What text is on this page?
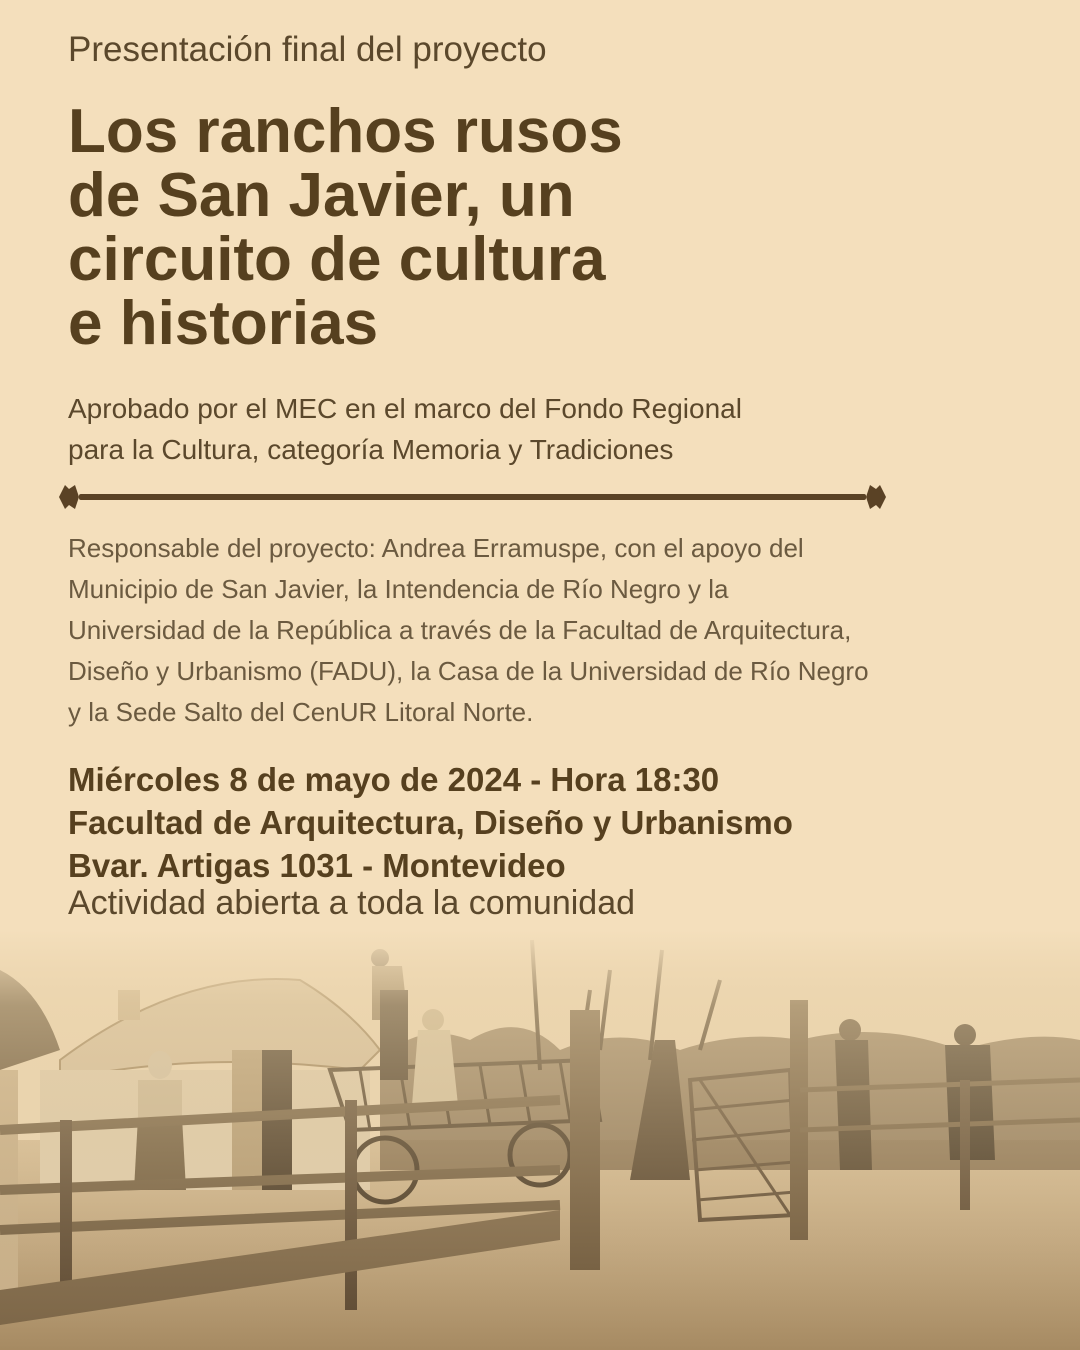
Presentación final del proyecto
Los ranchos rusos
de San Javier, un
circuito de cultura
e historias
Aprobado por el MEC en el marco del Fondo Regional
para la Cultura, categoría Memoria y Tradiciones
Responsable del proyecto: Andrea Erramuspe, con el apoyo del
Municipio de San Javier, la Intendencia de Río Negro y la
Universidad de la República a través de la Facultad de Arquitectura,
Diseño y Urbanismo (FADU), la Casa de la Universidad de Río Negro
y la Sede Salto del CenUR Litoral Norte.
Miércoles 8 de mayo de 2024 - Hora 18:30
Facultad de Arquitectura, Diseño y Urbanismo
Bvar. Artigas 1031 - Montevideo
Actividad abierta a toda la comunidad
